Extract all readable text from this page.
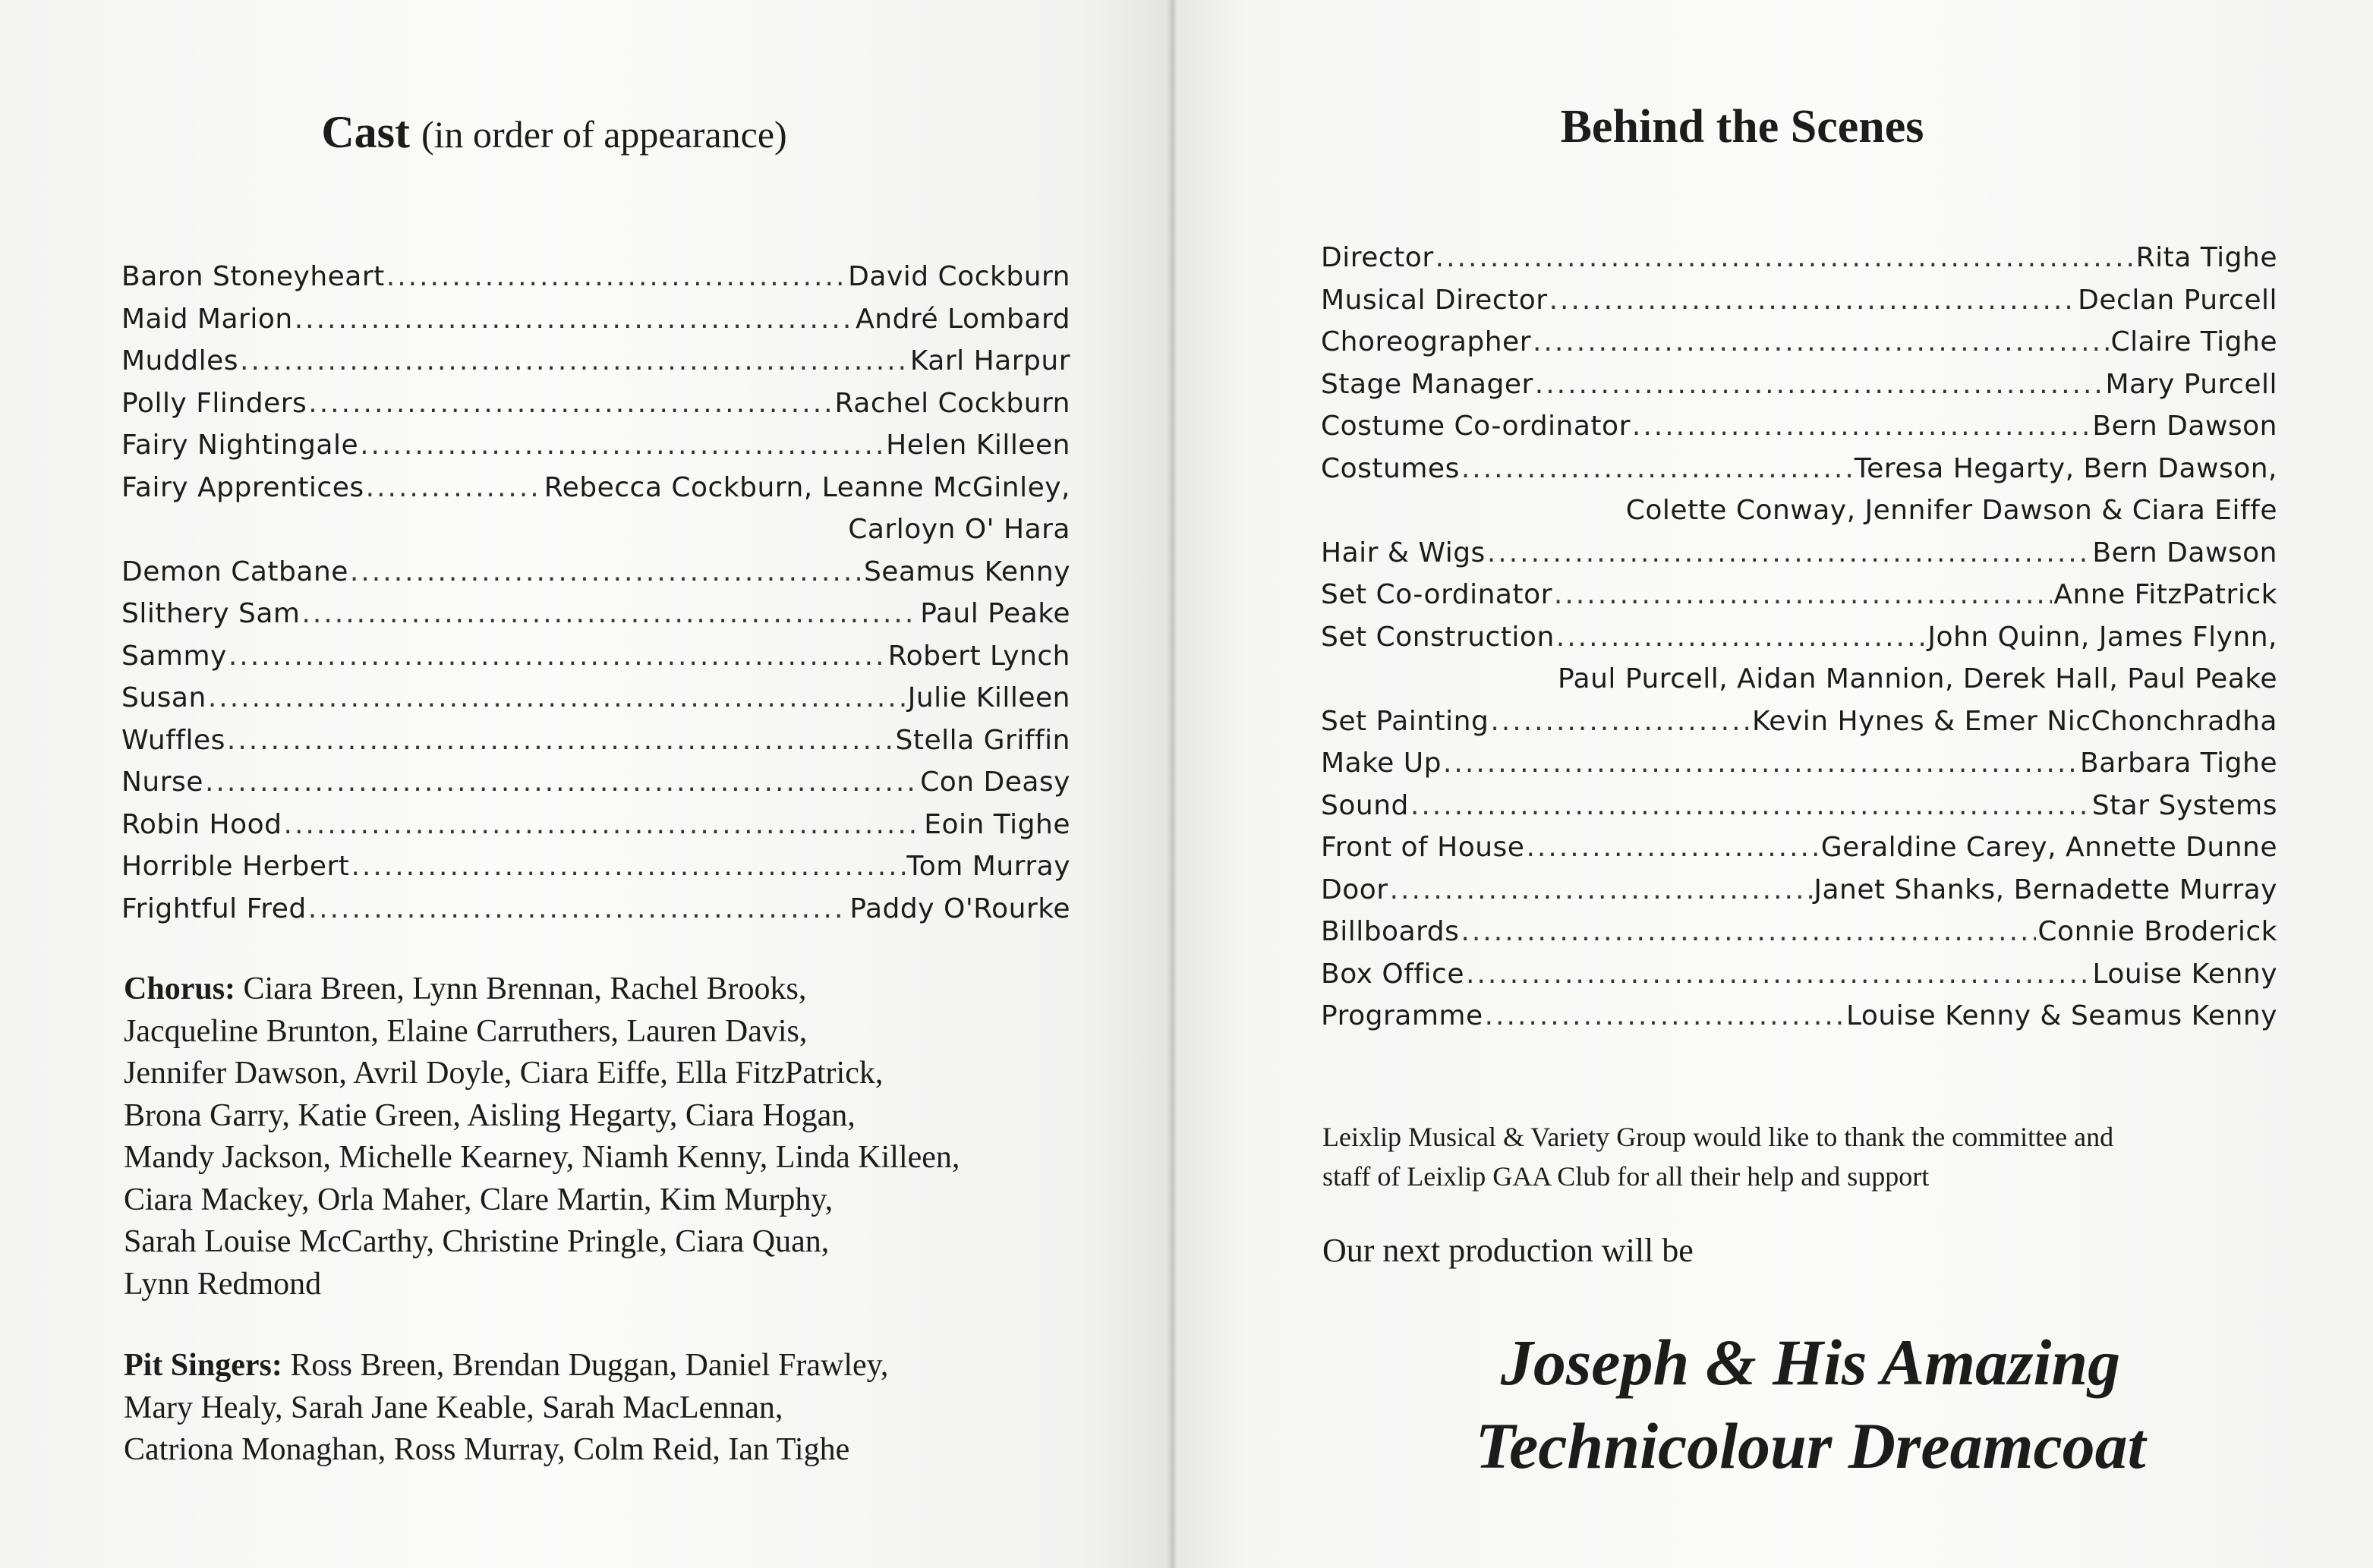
Cast (in order of appearance)
Baron Stoneyheart .....	David Cockburn
Maid Marion .....	André Lombard
Muddles .....	Karl Harpur
Polly Flinders .....	Rachel Cockburn
Fairy Nightingale .....	Helen Killeen
Fairy Apprentices .....	Rebecca Cockburn, Leanne McGinley,
Carloyn O' Hara
Demon Catbane .....	Seamus Kenny
Slithery Sam .....	Paul Peake
Sammy .....	Robert Lynch
Susan .....	Julie Killeen
Wuffles .....	Stella Griffin
Nurse .....	Con Deasy
Robin Hood .....	Eoin Tighe
Horrible Herbert .....	Tom Murray
Frightful Fred .....	Paddy O'Rourke
Chorus: Ciara Breen, Lynn Brennan, Rachel Brooks,
Jacqueline Brunton, Elaine Carruthers, Lauren Davis,
Jennifer Dawson, Avril Doyle, Ciara Eiffe, Ella FitzPatrick,
Brona Garry, Katie Green, Aisling Hegarty, Ciara Hogan,
Mandy Jackson, Michelle Kearney, Niamh Kenny, Linda Killeen,
Ciara Mackey, Orla Maher, Clare Martin, Kim Murphy,
Sarah Louise McCarthy, Christine Pringle, Ciara Quan,
Lynn Redmond
Pit Singers: Ross Breen, Brendan Duggan, Daniel Frawley,
Mary Healy, Sarah Jane Keable, Sarah MacLennan,
Catriona Monaghan, Ross Murray, Colm Reid, Ian Tighe
Behind the Scenes
Director .....	Rita Tighe
Musical Director .....	Declan Purcell
Choreographer .....	Claire Tighe
Stage Manager .....	Mary Purcell
Costume Co-ordinator .....	Bern Dawson
Costumes .....	Teresa Hegarty, Bern Dawson,
Colette Conway, Jennifer Dawson & Ciara Eiffe
Hair & Wigs .....	Bern Dawson
Set Co-ordinator .....	Anne FitzPatrick
Set Construction .....	John Quinn, James Flynn,
Paul Purcell, Aidan Mannion, Derek Hall, Paul Peake
Set Painting .....	Kevin Hynes & Emer NicChonchradha
Make Up .....	Barbara Tighe
Sound .....	Star Systems
Front of House .....	Geraldine Carey, Annette Dunne
Door .....	Janet Shanks, Bernadette Murray
Billboards .....	Connie Broderick
Box Office .....	Louise Kenny
Programme .....	Louise Kenny & Seamus Kenny
Leixlip Musical & Variety Group would like to thank the committee and
staff of Leixlip GAA Club for all their help and support
Our next production will be
Joseph & His Amazing
Technicolour Dreamcoat
